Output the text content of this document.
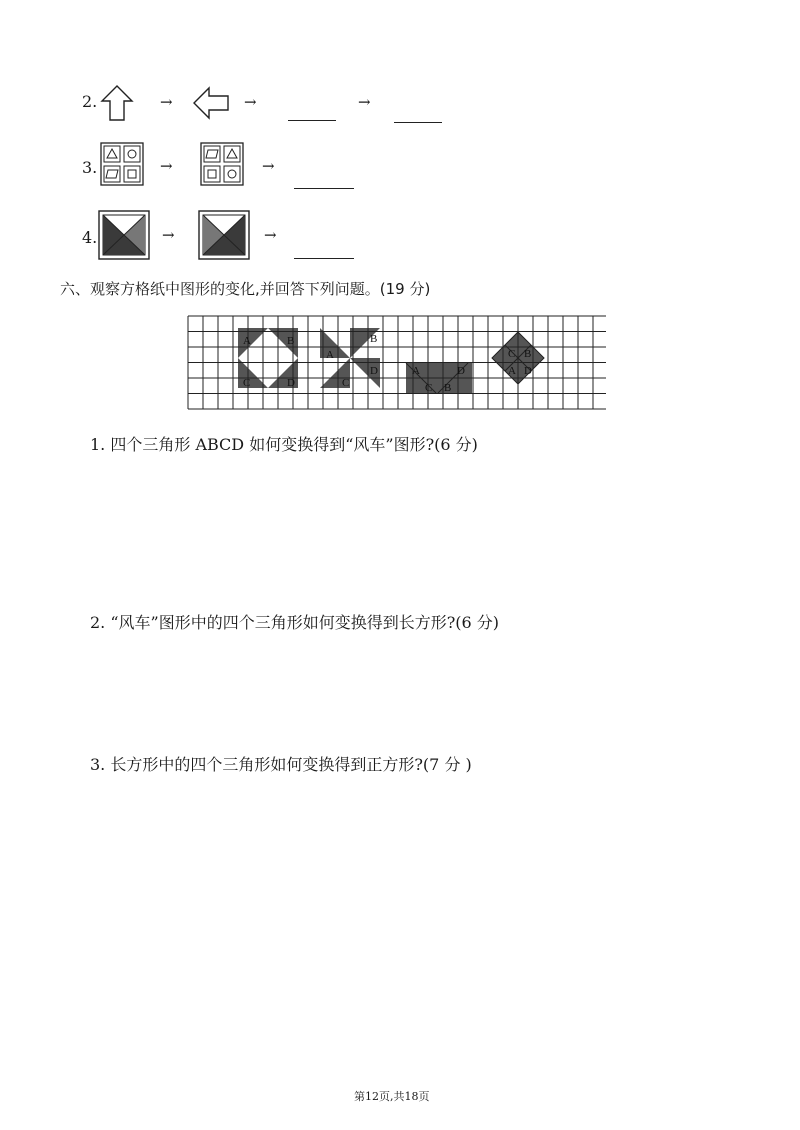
2.	→	→	→
3.	→	→
4.	→	→
六、观察方格纸中图形的变化,并回答下列问题。(19 分)
A	B
C	D
A
B
C
D	A
C B
D
C B
A D
1. 四个三角形 ABCD 如何变换得到“风车”图形?(6 分)
2. “风车”图形中的四个三角形如何变换得到长方形?(6 分)
3. 长方形中的四个三角形如何变换得到正方形?(7 分 )
第12页,共18页
